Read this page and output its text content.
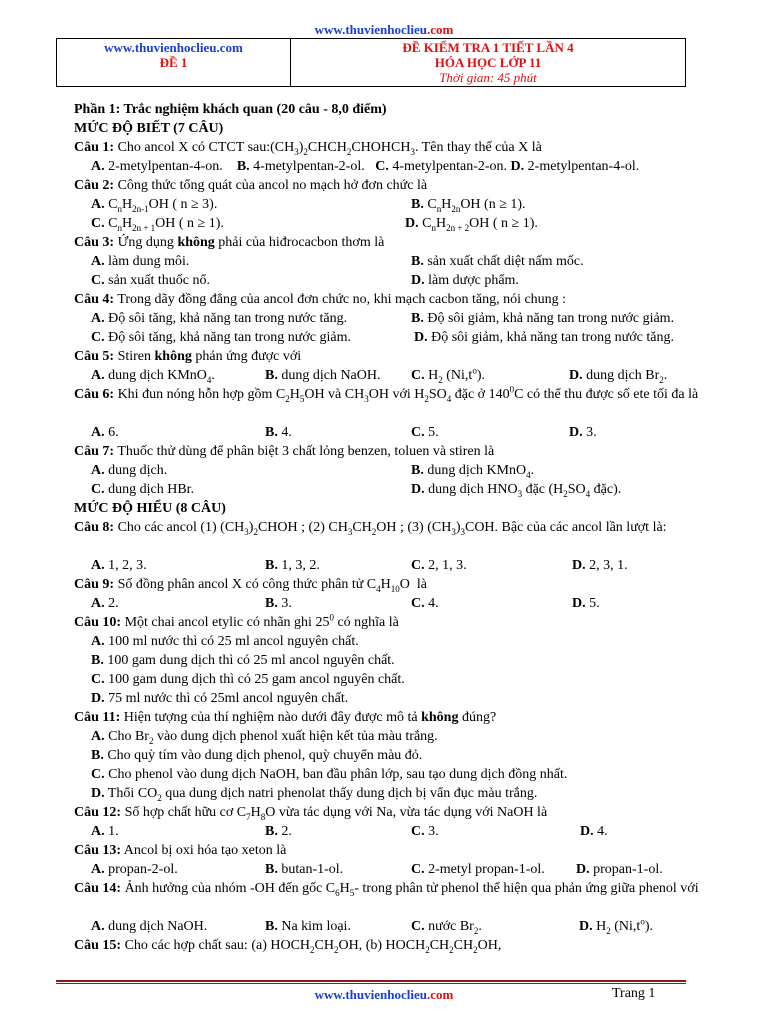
www.thuvienhoclieu.com
www.thuvienhoclieu.com
ĐỀ 1

ĐỀ KIỂM TRA 1 TIẾT LẦN 4
HÓA HỌC LỚP 11
Thời gian: 45 phút
Phần 1: Trắc nghiệm khách quan (20 câu - 8,0 điểm)
MỨC ĐỘ BIẾT (7 CÂU)
Câu 1: Cho ancol X có CTCT $sau:(CH_3)_2CHCH_2CHOHCH_3$. Tên thay thế của X là
A. 2-metylpentan-4-on.    B. 4-metylpentan-2-ol.   C. 4-metylpentan-2-on. D. 2-metylpentan-4-ol.
Câu 2: Công thức tổng quát của ancol no mạch hở đơn chức là
A. $C_nH_{2n-1}OH$ ( n ≥ 3).	B. $C_nH_{2n}OH$ (n ≥ 1).
C. $C_nH_{2n + 1}OH$ ( n ≥ 1).	D. $C_nH_{2n + 2}OH$ ( n ≥ 1).
Câu 3: Ứng dụng không phải của hiđrocacbon thơm là
A. làm dung môi.	B. sản xuất chất diệt nấm mốc.
C. sản xuất thuốc nổ.	D. làm dược phẩm.
Câu 4: Trong dãy đồng đẳng của ancol đơn chức no, khi mạch cacbon tăng, nói chung :
A. Độ sôi tăng, khả năng tan trong nước tăng.	B. Độ sôi giảm, khả năng tan trong nước giảm.
C. Độ sôi tăng, khả năng tan trong nước giảm.	D. Độ sôi giảm, khả năng tan trong nước tăng.
Câu 5: Stiren không phản ứng được với
A. dung dịch KMnO$_4$.	B. dung dịch NaOH. C. $H_2$ $(Ni,t^o)$.	D. dung dịch $Br_2$.
Câu 6: Khi đun nóng hỗn hợp gồm $C_2H_5OH$ và $CH_3OH$ với $H_2SO_4$ đặc ở $140^0C$ có thể thu được số ete tối đa là
A. 6.	B. 4.	C. 5.	D. 3.
Câu 7: Thuốc thử dùng để phân biệt 3 chất lỏng benzen, toluen và stiren là
A. dung dịch.	B. dung dịch KMnO$_4$.
C. dung dịch HBr.	D. dung dịch $HNO_3$ đặc ($H_2SO_4$ đặc).
MỨC ĐỘ HIỂU (8 CÂU)
Câu 8: Cho các ancol (1) $(CH_3)_2CHOH$ ; (2) $CH_3CH_2OH$ ; (3) $(CH_3)_3COH$. Bậc của các ancol lần lượt là:
A. 1, 2, 3.	B. 1, 3, 2.	C. 2, 1, 3.	D. 2, 3, 1.
Câu 9: Số đồng phân ancol X có công thức phân tử $C_4H_{10}O$  là
A. 2.	B. 3.	C. 4.	D. 5.
Câu 10: Một chai ancol etylic có nhãn ghi $25^0$ có nghĩa là
A. 100 ml nước thì có 25 ml ancol nguyên chất.
B. 100 gam dung dịch thì có 25 ml ancol nguyên chất.
C. 100 gam dung dịch thì có 25 gam ancol nguyên chất.
D. 75 ml nước thì có 25ml ancol nguyên chất.
Câu 11: Hiện tượng của thí nghiệm nào dưới đây được mô tả không đúng?
A. Cho $Br_2$ vào dung dịch phenol xuất hiện kết tủa màu trắng.
B. Cho quỳ tím vào dung dịch phenol, quỳ chuyển màu đỏ.
C. Cho phenol vào dung dịch NaOH, ban đầu phân lớp, sau tạo dung dịch đồng nhất.
D. Thổi $CO_2$ qua dung dịch natri phenolat thấy dung dịch bị vẩn đục màu trắng.
Câu 12: Số hợp chất hữu cơ $C_7H_8O$ vừa tác dụng với Na, vừa tác dụng với NaOH là
A. 1.	B. 2.	C. 3.	D. 4.
Câu 13: Ancol bị oxi hóa tạo xeton là
A. propan-2-ol.	B. butan-1-ol.	C. 2-metyl propan-1-ol. D. propan-1-ol.
Câu 14: Ảnh hưởng của nhóm -OH đến gốc $C_6H_5-$ trong phân tử phenol thể hiện qua phản ứng giữa phenol với
A. dung dịch NaOH.	B. Na kim loại.	C. nước $Br_2$.	D. $H_2$ $(Ni,t^o)$.
Câu 15: Cho các hợp chất sau: (a) $HOCH_2CH_2OH$, (b) $HOCH_2CH_2CH_2OH$,
www.thuvienhoclieu.com	Trang 1
